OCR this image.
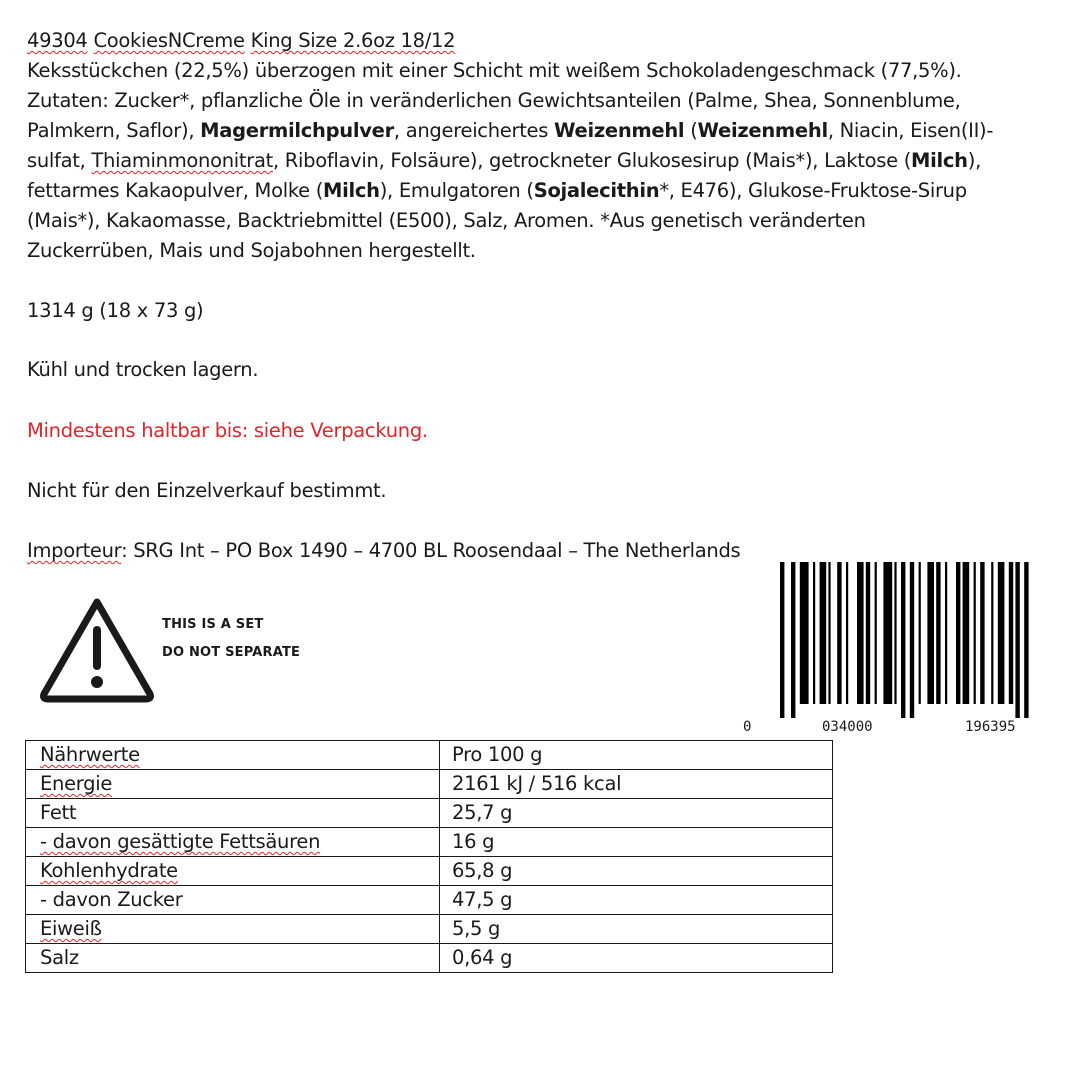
49304 CookiesNCreme King Size 2.6oz 18/12

Keksstückchen (22,5%) überzogen mit einer Schicht mit weißem Schokoladengeschmack (77,5%).

Zutaten: Zucker*, pflanzliche Öle in veränderlichen Gewichtsanteilen (Palme, Shea, Sonnenblume,

Palmkern, Saflor), Magermilchpulver, angereichertes Weizenmehl (Weizenmehl, Niacin, Eisen(II)-

sulfat, Thiaminmononitrat, Riboflavin, Folsäure), getrockneter Glukosesirup (Mais*), Laktose (Milch),

fettarmes Kakaopulver, Molke (Milch), Emulgatoren (Sojalecithin*, E476), Glukose-Fruktose-Sirup

(Mais*), Kakaomasse, Backtriebmittel (E500), Salz, Aromen. *Aus genetisch veränderten

Zuckerrüben, Mais und Sojabohnen hergestellt.

1314 g (18 x 73 g)

Kühl und trocken lagern.

Mindestens haltbar bis: siehe Verpackung.

Nicht für den Einzelverkauf bestimmt.

Importeur: SRG Int – PO Box 1490 – 4700 BL Roosendaal – The Netherlands

THIS IS A SET
DO NOT SEPARATE
0	034000	196395
Nährwerte	Pro 100 g
Energie	2161 kJ / 516 kcal
Fett	25,7 g
- davon gesättigte Fettsäuren	16 g
Kohlenhydrate	65,8 g
- davon Zucker	47,5 g
Eiweiß	5,5 g
Salz	0,64 g
